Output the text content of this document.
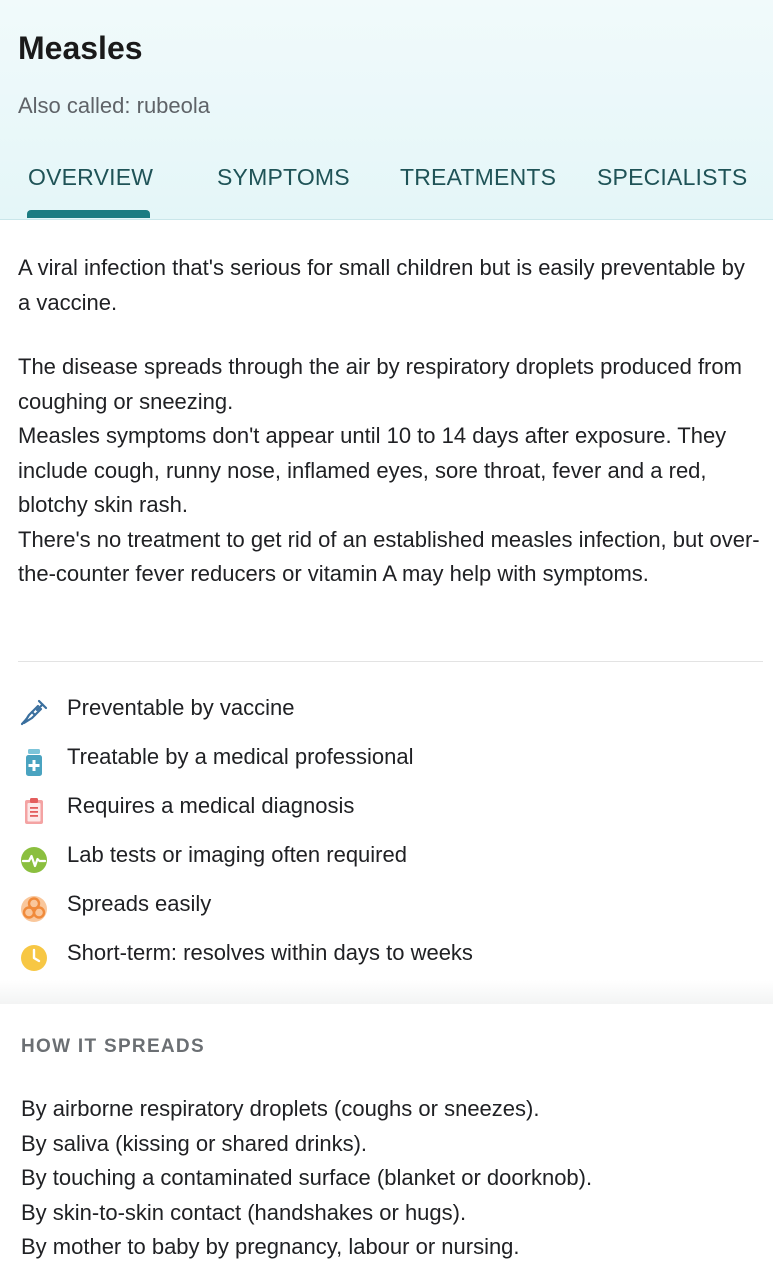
Measles
Also called: rubeola
OVERVIEW	SYMPTOMS TREATMENTS SPECIALISTS

A viral infection that's serious for small children but is easily preventable by a vaccine.

The disease spreads through the air by respiratory droplets produced from coughing or sneezing.
Measles symptoms don't appear until 10 to 14 days after exposure. They include cough, runny nose, inflamed eyes, sore throat, fever and a red, blotchy skin rash.
There's no treatment to get rid of an established measles infection, but over-the-counter fever reducers or vitamin A may help with symptoms.
Preventable by vaccine
Treatable by a medical professional
Requires a medical diagnosis
Lab tests or imaging often required
Spreads easily
Short-term: resolves within days to weeks
HOW IT SPREADS
By airborne respiratory droplets (coughs or sneezes).
By saliva (kissing or shared drinks).
By touching a contaminated surface (blanket or doorknob).
By skin-to-skin contact (handshakes or hugs).
By mother to baby by pregnancy, labour or nursing.
